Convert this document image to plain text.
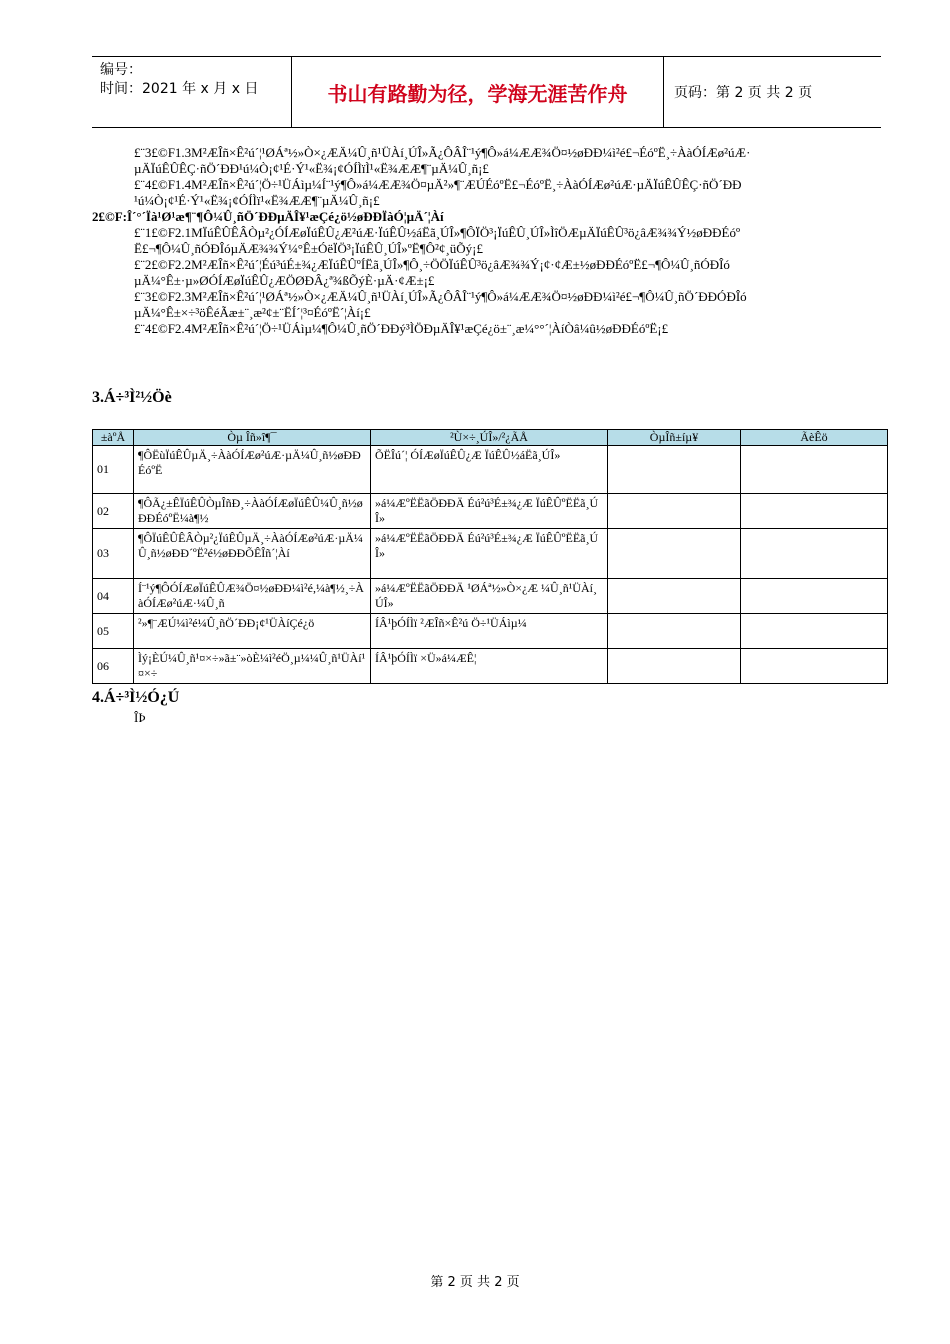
编号：
时间：2021 年 x 月 x 日	书山有路勤为径，学海无涯苦作舟	页码：第 2 页 共 2 页
£¨3£©F1.3M²ÆÎñ×Ê²ú´¦¹ØÁª½»Ò×¿ÆÄ¼Û¸ñ¹ÜÀí¸ÚÎ»Ã¿ÔÂÎ¨¹ý¶Ô»á¼ÆÆ¾Ö¤½øÐÐ¼ì²é£¬ÉóºË¸÷ÀàÓÍÆø²úÆ·
µÄÏúÊÛÊÇ·ñÖ´ÐÐ¹ú¼Ò¡¢¹É·Ý¹«Ë¾¡¢ÓÍÌïÌ¹«Ë¾ÆÆ¶¨µÄ¼Û¸ñ¡£
£¨4£©F1.4M²ÆÎñ×Ê²ú´¦Ö÷¹ÜÁìµ¼Í¨¹ý¶Ô»á¼ÆÆ¾Ö¤µÄ²»¶¨ÆÚÉóºË£¬ÉóºË¸÷ÀàÓÍÆø²úÆ·µÄÏúÊÛÊÇ·ñÖ´ÐÐ
¹ú¼Ò¡¢¹É·Ý¹«Ë¾¡¢ÓÍÌï¹«Ë¾ÆÆ¶¨µÄ¼Û¸ñ¡£
2£©F:Î´°´Ïà¹Ø¹æ¶¨¶Ô¼Û¸ñÖ´ÐÐµÄÎ¥¹æÇé¿ö½øÐÐÏàÓ¦µÄ´¦Àí
£¨1£©F2.1MÏúÊÛÊÂÒµ²¿ÓÍÆøÏúÊÛ¿Æ²úÆ·ÏúÊÛ½áËã¸ÚÎ»¶ÔÏÖ³¡ÏúÊÛ¸ÚÎ»ÌîÖÆµÄÏúÊÛ³ö¿âÆ¾¾Ý½øÐÐÉóº
Ë£¬¶Ô¼Û¸ñÓÐÎóµÄÆ¾¾Ý¼°Ê±ÓëÏÖ³¡ÏúÊÛ¸ÚÎ»ºË¶Ô²¢¸üÕý¡£
£¨2£©F2.2M²ÆÎñ×Ê²ú´¦Éú³úÉ±¾¿ÆÏúÊÛºÍËã¸ÚÎ»¶Ô¸÷ÖÖÏúÊÛ³ö¿âÆ¾¾Ý¡¢·¢Æ±½øÐÐÉóºË£¬¶Ô¼Û¸ñÓÐÎó
µÄ¼°Ê±·µ»ØÓÍÆøÏúÊÛ¿ÆÖØÐÂ¿ª¾ßÕýÈ·µÄ·¢Æ±¡£
£¨3£©F2.3M²ÆÎñ×Ê²ú´¦¹ØÁª½»Ò×¿ÆÄ¼Û¸ñ¹ÜÀí¸ÚÎ»Ã¿ÔÂÎ¨¹ý¶Ô»á¼ÆÆ¾Ö¤½øÐÐ¼ì²é£¬¶Ô¼Û¸ñÖ´ÐÐÓÐÎó
µÄ¼°Ê±×÷³öÊéÃæ±¨¸æ²¢±¨ËÍ´¦³¤ÉóºË´¦Àí¡£
£¨4£©F2.4M²ÆÎñ×Ê²ú´¦Ö÷¹ÜÁìµ¼¶Ô¼Û¸ñÖ´ÐÐý³ÌÖÐµÄÎ¥¹æÇé¿ö±¨¸æ¼°°´¦ÀíÒâ¼û½øÐÐÉóºË¡£
3.Á÷³Ì²½Öè
±àºÅ	Òµ Îñ»î¶¯	²Ù×÷¸ÚÎ»/²¿ÃÅ	ÒµÎñ±íµ¥	ÃèÊö
01	¶ÔËùÏúÊÛµÄ¸÷ÀàÓÍÆø²úÆ·µÄ¼Û¸ñ½øÐÐÉóºË	ÕËÎú´¦ ÓÍÆøÏúÊÛ¿Æ ÏúÊÛ½áËã¸ÚÎ»		
02	¶ÔÃ¿±ÊÏúÊÛÒµÎñÐ¸÷ÀàÓÍÆøÏúÊÛ¼Û¸ñ½øÐÐÉóºË¼à¶½	»á¼ÆºËËãÖÐÐÄ Éú²ú³É±¾¿Æ ÏúÊÛºËËã¸ÚÎ»		
03	¶ÔÏúÊÛÊÂÒµ²¿ÏúÊÛµÄ¸÷ÀàÓÍÆø²úÆ·µÄ¼Û¸ñ½øÐÐ´ºË²é½øÐÐÕÊÎñ´¦Àí	»á¼ÆºËËãÖÐÐÄ Éú²ú³É±¾¿Æ ÏúÊÛºËËã¸ÚÎ»		
04	Í¨¹ý¶ÔÓÍÆøÏúÊÛÆ¾Ö¤½øÐÐ¼ì²é,¼à¶½¸÷ÀàÓÍÆø²úÆ·¼Û¸ñ	»á¼ÆºËËãÖÐÐÄ ¹ØÁª½»Ò×¿Æ ¼Û¸ñ¹ÜÀí¸ÚÎ»		
05	²»¶¨ÆÚ¼ì²é¼Û¸ñÖ´ÐÐ¡¢¹ÜÀíÇé¿ö	ÍÂ¹þÓÍÌï ²ÆÎñ×Ê²ú Ö÷¹ÜÁìµ¼		
06	Ìý¡ÈÚ¼Û¸ñ¹¤×÷»ã±¨»òÈ¼ì²éÖ¸µ¼¼Û¸ñ¹ÜÀí¹¤×÷	ÍÂ¹þÓÍÌï ×Ü»á¼ÆÊ¦		
4.Á÷³Ì½Ó¿Ú
ÎÞ
第 2 页 共 2 页
